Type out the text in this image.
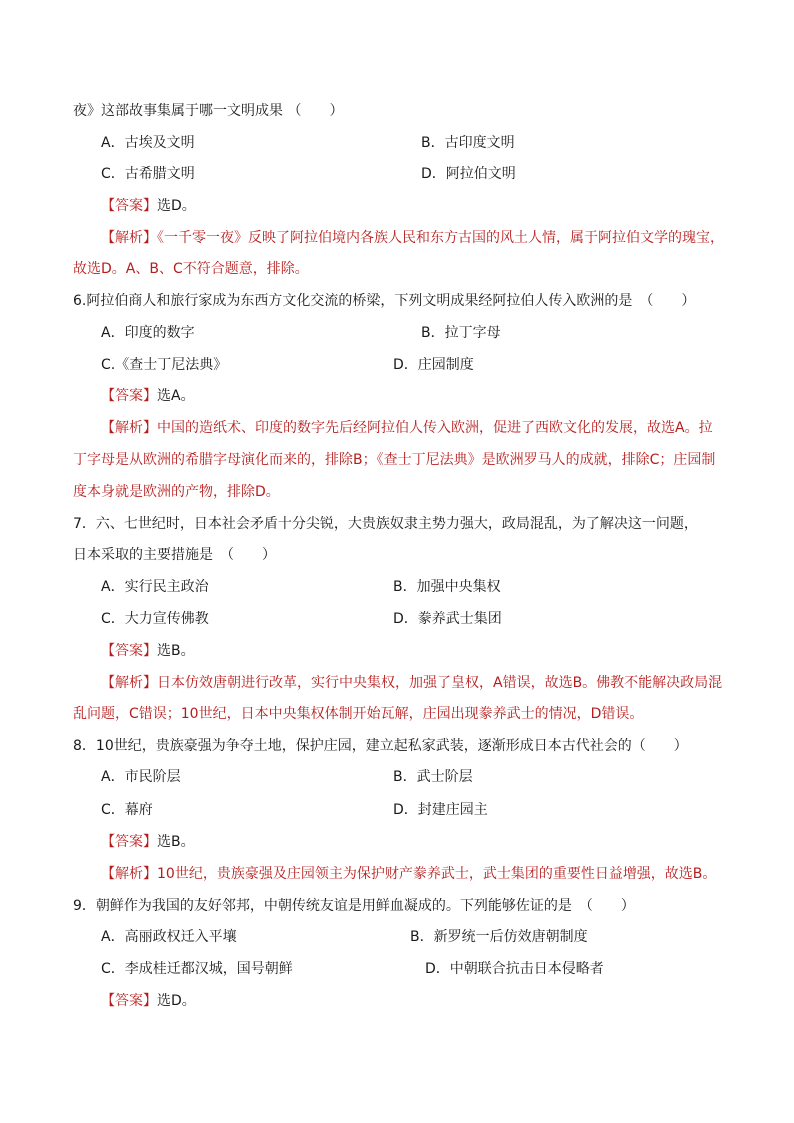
夜》这部故事集属于哪一文明成果 （　　）
A．古埃及文明	B．古印度文明
C．古希腊文明	D．阿拉伯文明
【答案】选D。
【解析】《一千零一夜》反映了阿拉伯境内各族人民和东方古国的风土人情，属于阿拉伯文学的瑰宝，
故选D。A、B、C不符合题意，排除。
6.阿拉伯商人和旅行家成为东西方文化交流的桥梁，下列文明成果经阿拉伯人传入欧洲的是　（　　）
A．印度的数字	B．拉丁字母
C.《查士丁尼法典》	D．庄园制度
【答案】选A。
【解析】中国的造纸术、印度的数字先后经阿拉伯人传入欧洲，促进了西欧文化的发展，故选A。拉
丁字母是从欧洲的希腊字母演化而来的，排除B；《查士丁尼法典》是欧洲罗马人的成就，排除C；庄园制
度本身就是欧洲的产物，排除D。
7．六、七世纪时，日本社会矛盾十分尖锐，大贵族奴隶主势力强大，政局混乱，为了解决这一问题，
日本采取的主要措施是　（　　）
A．实行民主政治	B．加强中央集权
C．大力宣传佛教	D．豢养武士集团
【答案】选B。
【解析】日本仿效唐朝进行改革，实行中央集权，加强了皇权，A错误，故选B。佛教不能解决政局混
乱问题，C错误；10世纪，日本中央集权体制开始瓦解，庄园出现豢养武士的情况，D错误。
8．10世纪，贵族豪强为争夺土地，保护庄园，建立起私家武装，逐渐形成日本古代社会的（　　）
A．市民阶层	B．武士阶层
C．幕府	D．封建庄园主
【答案】选B。
【解析】10世纪，贵族豪强及庄园领主为保护财产豢养武士，武士集团的重要性日益增强，故选B。
9．朝鲜作为我国的友好邻邦，中朝传统友谊是用鲜血凝成的。下列能够佐证的是　（　　）
A．高丽政权迁入平壤	B．新罗统一后仿效唐朝制度
C．李成桂迁都汉城，国号朝鲜	D．中朝联合抗击日本侵略者
【答案】选D。
